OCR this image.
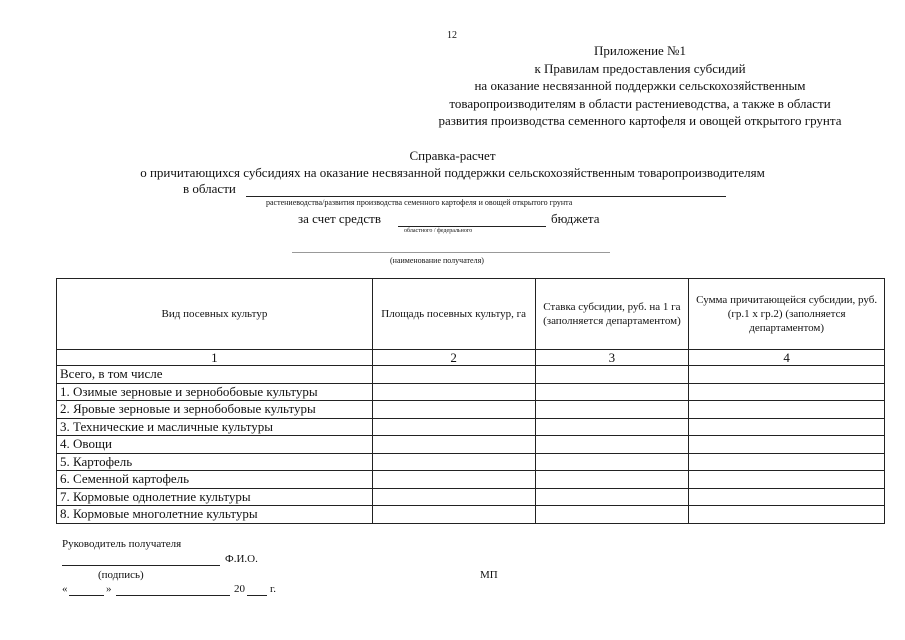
12
Приложение №1
к Правилам предоставления субсидий
на оказание несвязанной поддержки сельскохозяйственным
товаропроизводителям в области растениеводства, а также в области
развития производства семенного картофеля и овощей открытого грунта
Справка-расчет
о причитающихся субсидиях на оказание несвязанной поддержки сельскохозяйственным товаропроизводителям
в области
растениеводства/развития производства семенного картофеля и овощей открытого грунта
за счет средств	бюджета
областного / федерального
(наименование получателя)
Вид посевных культур	Площадь посевных культур, га	Ставка субсидии, руб. на 1 га (заполняется департаментом)	Сумма причитающейся субсидии, руб. (гр.1 х гр.2) (заполняется департаментом)
1	2	3	4
Всего, в том числе			
1. Озимые зерновые и зернобобовые культуры			
2. Яровые зерновые и зернобобовые культуры			
3. Технические и масличные культуры			
4. Овощи			
5. Картофель			
6. Семенной картофель			
7. Кормовые однолетние культуры			
8. Кормовые многолетние культуры			
Руководитель получателя
Ф.И.О.
(подпись)	МП
«	»	20 г.
